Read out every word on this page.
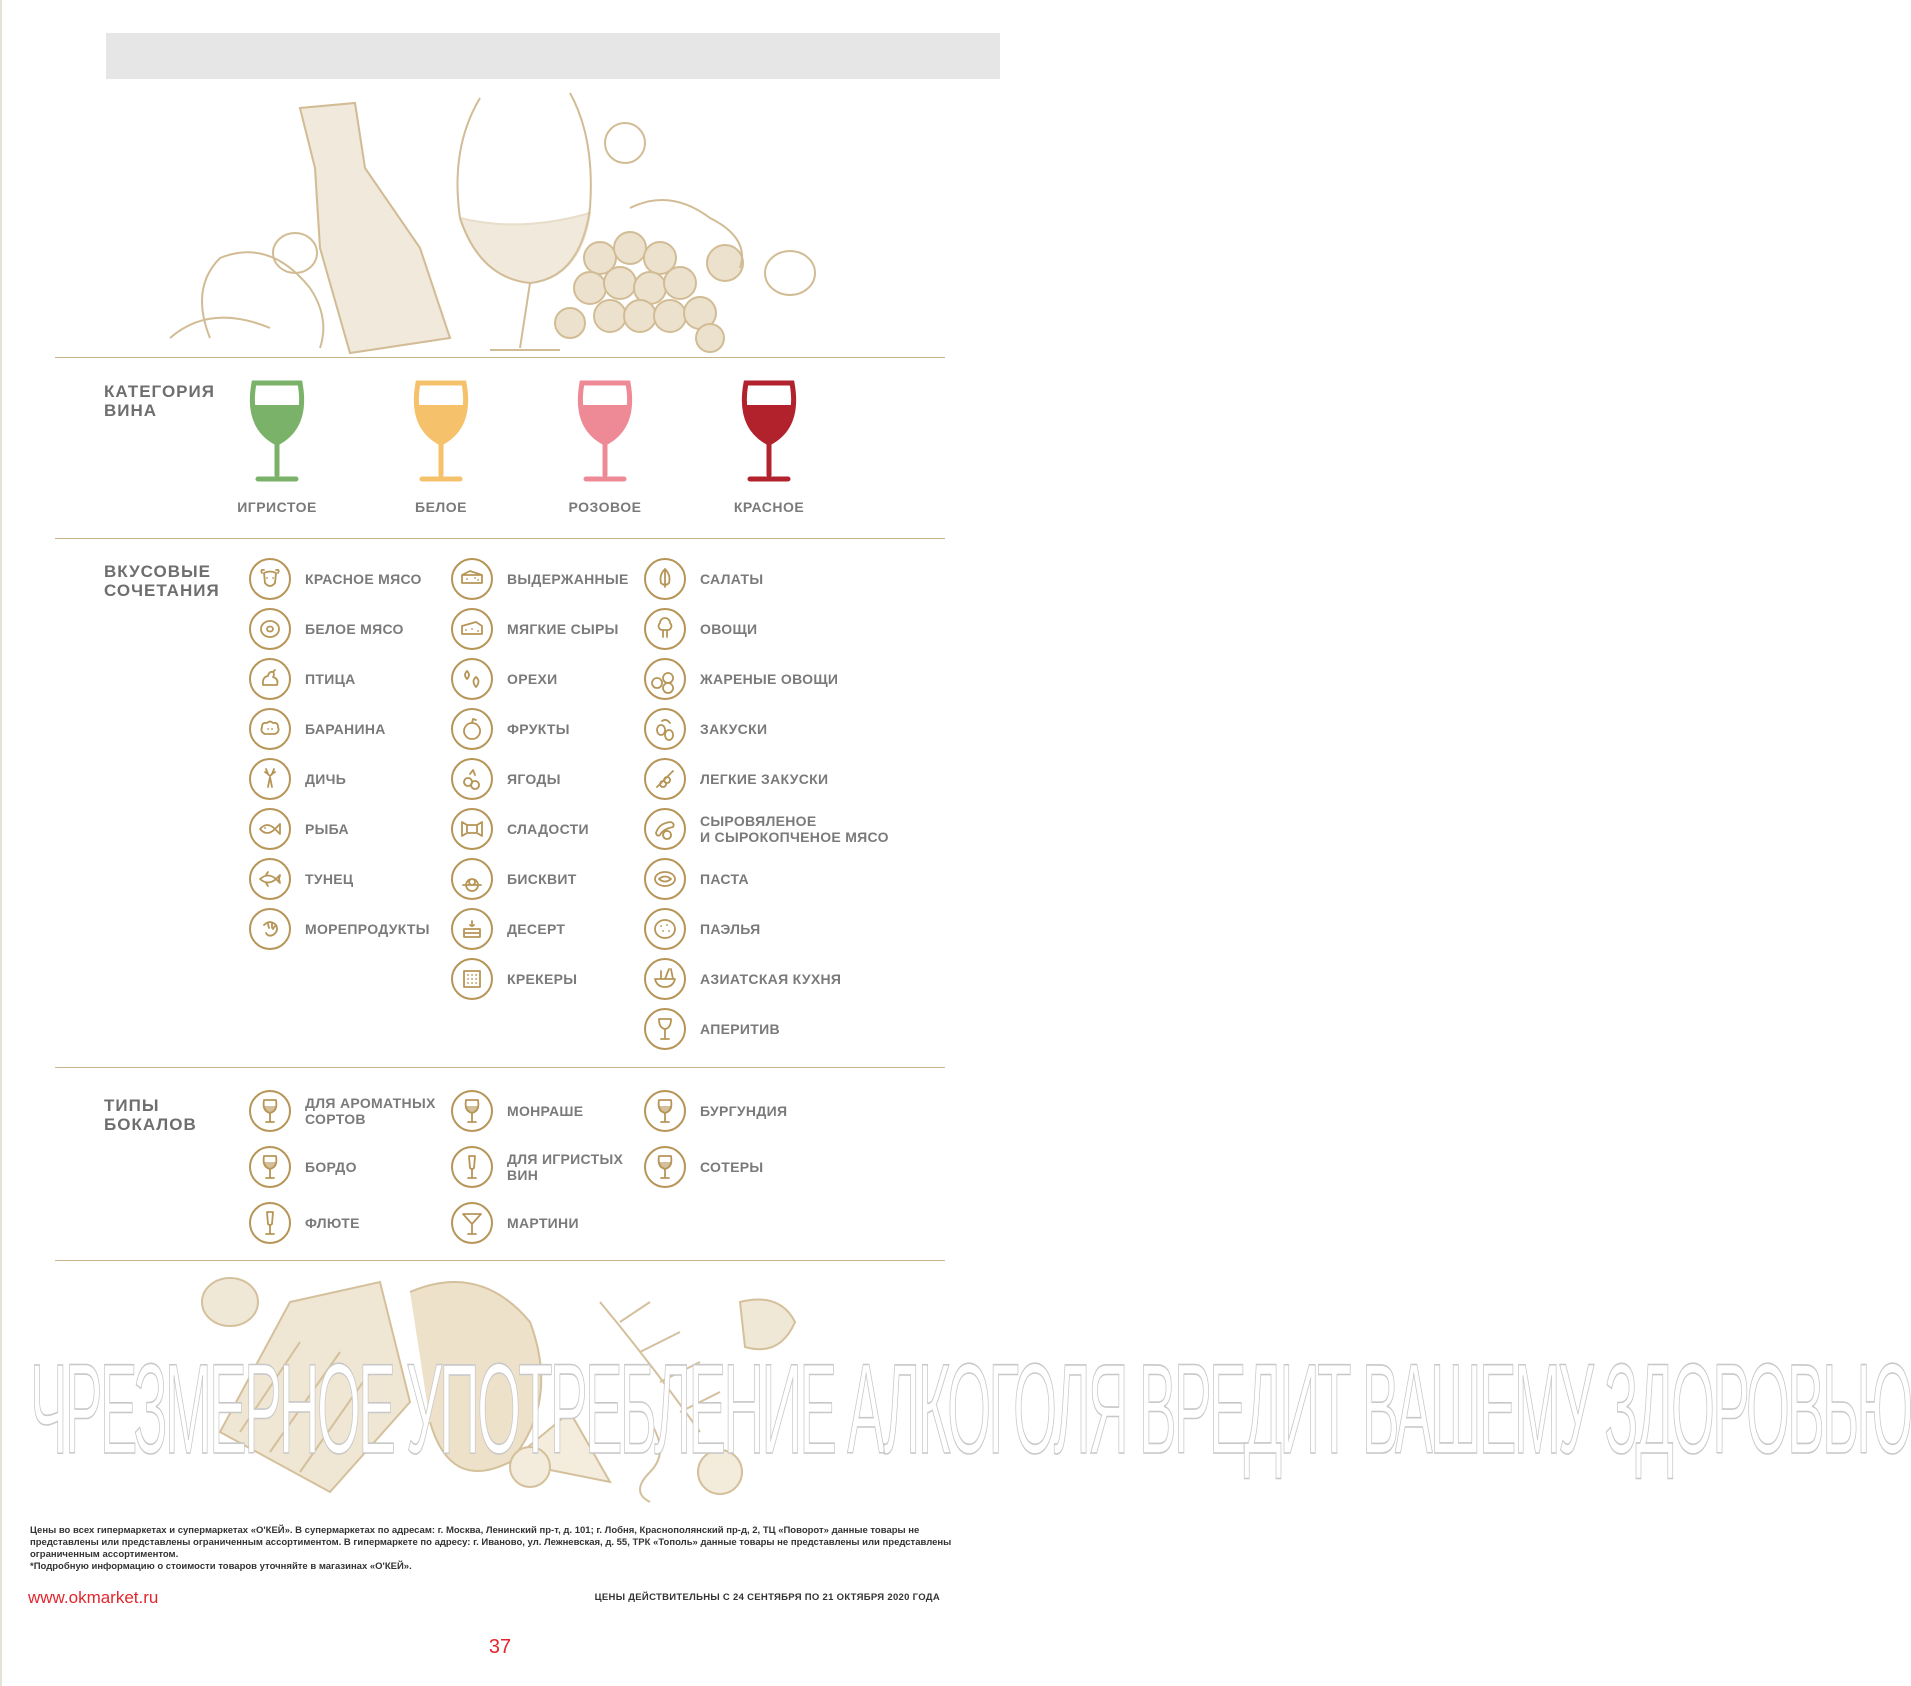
КАТЕГОРИЯ
ВИНА
ИГРИСТОЕ	БЕЛОЕ	РОЗОВОЕ	КРАСНОЕ
ВКУСОВЫЕ
СОЧЕТАНИЯ
КРАСНОЕ МЯСО
БЕЛОЕ МЯСО
ПТИЦА
БАРАНИНА
ДИЧЬ
РЫБА
ТУНЕЦ
МОРЕПРОДУКТЫ
ВЫДЕРЖАННЫЕ
МЯГКИЕ СЫРЫ
ОРЕХИ
ФРУКТЫ
ЯГОДЫ
СЛАДОСТИ
БИСКВИТ
ДЕСЕРТ
КРЕКЕРЫ
САЛАТЫ
ОВОЩИ
ЖАРЕНЫЕ ОВОЩИ
ЗАКУСКИ
ЛЕГКИЕ ЗАКУСКИ
СЫРОВЯЛЕНОЕ
И СЫРОКОПЧЕНОЕ МЯСО
ПАСТА
ПАЭЛЬЯ
АЗИАТСКАЯ КУХНЯ
АПЕРИТИВ
ТИПЫ
БОКАЛОВ
ДЛЯ АРОМАТНЫХ
СОРТОВ
БОРДО
ФЛЮТЕ
МОНРАШЕ
ДЛЯ ИГРИСТЫХ
ВИН
МАРТИНИ
БУРГУНДИЯ
СОТЕРЫ
ЧРЕЗМЕРНОЕ УПОТРЕБЛЕНИЕ АЛКОГОЛЯ ВРЕДИТ ВАШЕМУ ЗДОРОВЬЮ
Цены во всех гипермаркетах и супермаркетах «О'КЕЙ». В супермаркетах по адресам: г. Москва, Ленинский пр-т, д. 101; г. Лобня, Краснополянский пр-д, 2, ТЦ «Поворот» данные товары не представлены или представлены ограниченным ассортиментом. В гипермаркете по адресу: г. Иваново, ул. Лежневская, д. 55, ТРК «Тополь» данные товары не представлены или представлены ограниченным ассортиментом.
*Подробную информацию о стоимости товаров уточняйте в магазинах «О'КЕЙ».
www.okmarket.ru	ЦЕНЫ ДЕЙСТВИТЕЛЬНЫ С 24 СЕНТЯБРЯ ПО 21 ОКТЯБРЯ 2020 ГОДА
37
